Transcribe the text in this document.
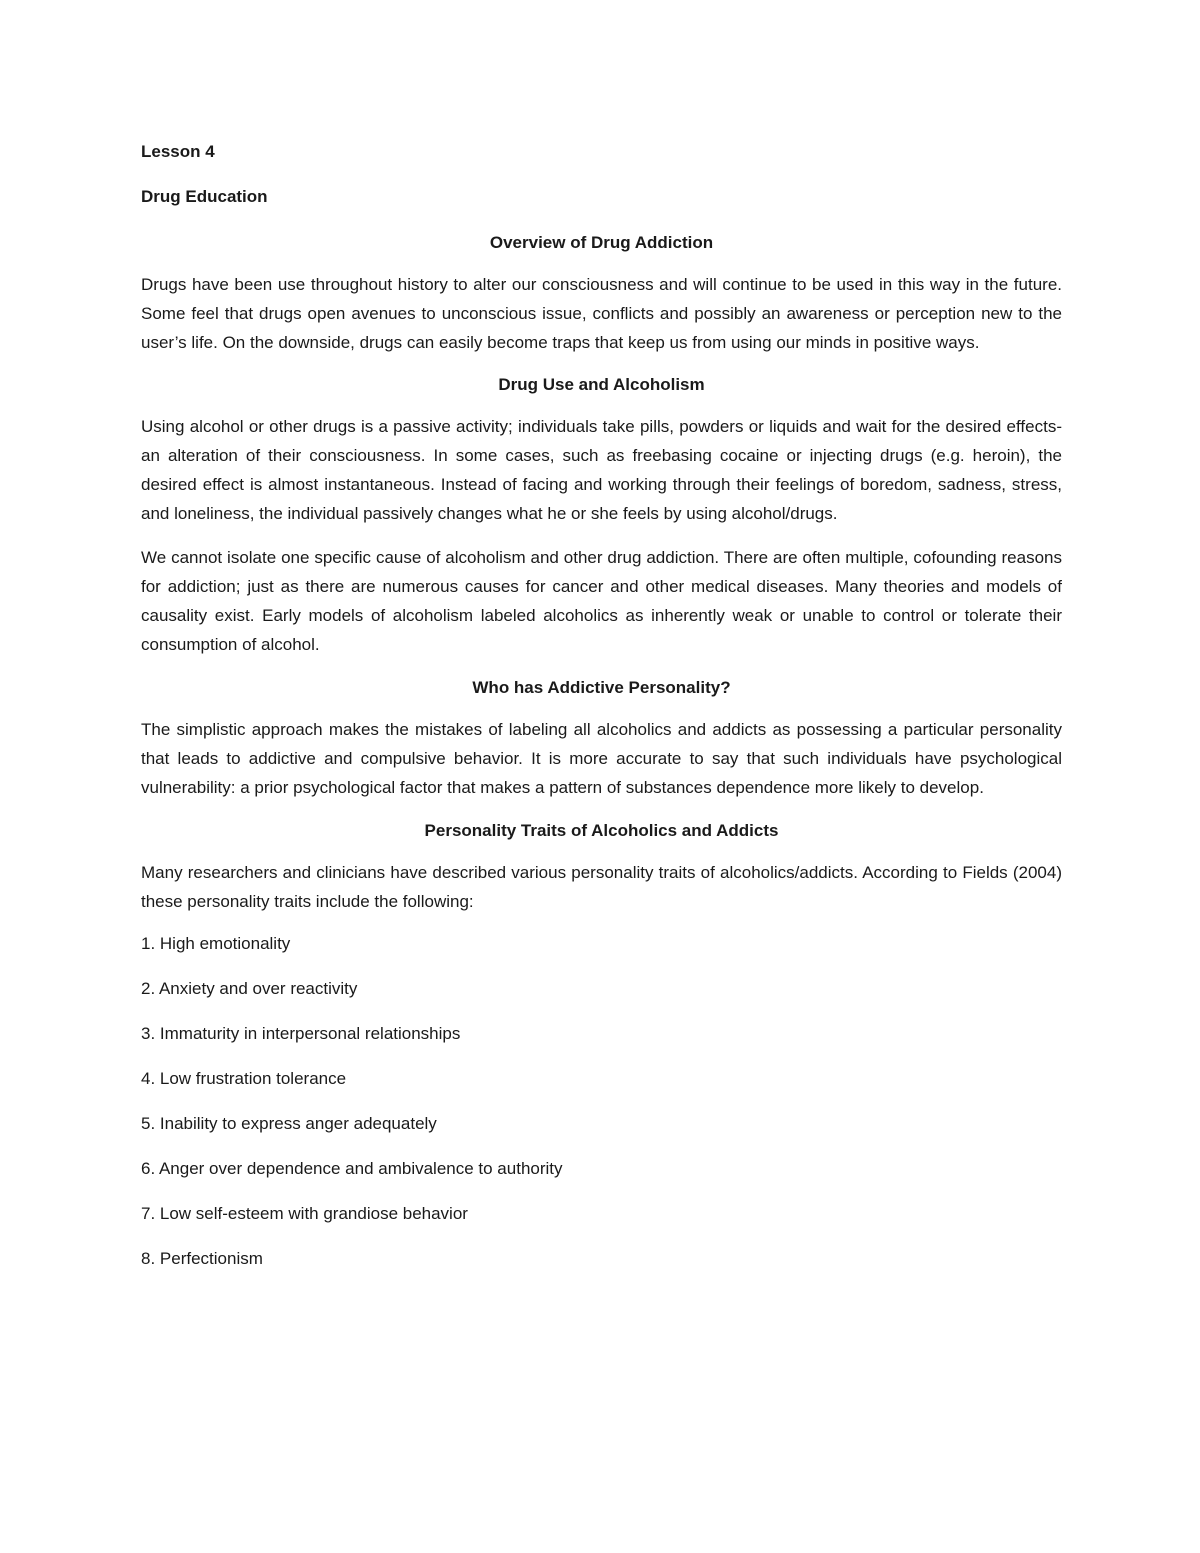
Lesson 4

Drug Education

Overview of Drug Addiction

Drugs have been use throughout history to alter our consciousness and will continue to be used in this way in the future. Some feel that drugs open avenues to unconscious issue, conflicts and possibly an awareness or perception new to the user’s life. On the downside, drugs can easily become traps that keep us from using our minds in positive ways.

Drug Use and Alcoholism

Using alcohol or other drugs is a passive activity; individuals take pills, powders or liquids and wait for the desired effects-an alteration of their consciousness. In some cases, such as freebasing cocaine or injecting drugs (e.g. heroin), the desired effect is almost instantaneous. Instead of facing and working through their feelings of boredom, sadness, stress, and loneliness, the individual passively changes what he or she feels by using alcohol/drugs.

We cannot isolate one specific cause of alcoholism and other drug addiction. There are often multiple, cofounding reasons for addiction; just as there are numerous causes for cancer and other medical diseases. Many theories and models of causality exist. Early models of alcoholism labeled alcoholics as inherently weak or unable to control or tolerate their consumption of alcohol.

Who has Addictive Personality?

The simplistic approach makes the mistakes of labeling all alcoholics and addicts as possessing a particular personality that leads to addictive and compulsive behavior. It is more accurate to say that such individuals have psychological vulnerability: a prior psychological factor that makes a pattern of substances dependence more likely to develop.

Personality Traits of Alcoholics and Addicts

Many researchers and clinicians have described various personality traits of alcoholics/addicts. According to Fields (2004) these personality traits include the following:

1. High emotionality
2. Anxiety and over reactivity
3. Immaturity in interpersonal relationships
4. Low frustration tolerance
5. Inability to express anger adequately
6. Anger over dependence and ambivalence to authority
7. Low self-esteem with grandiose behavior
8. Perfectionism
